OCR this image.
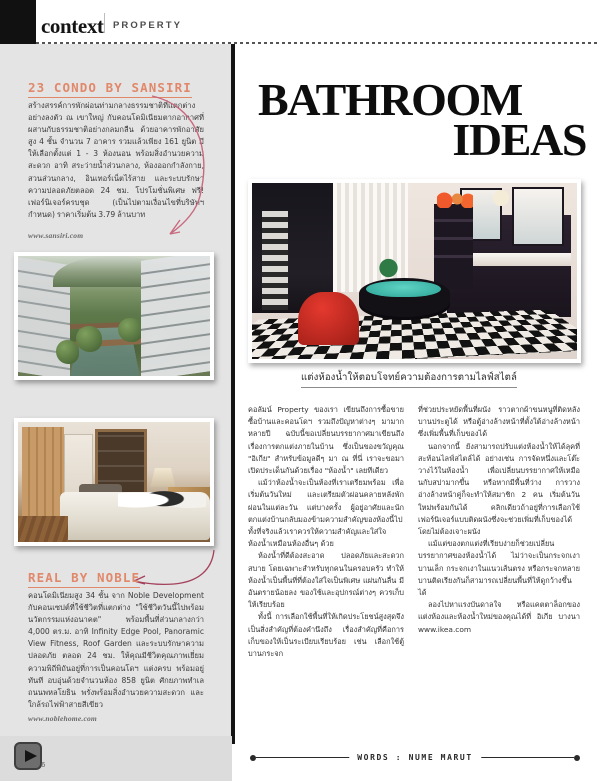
context PROPERTY
23 CONDO BY SANSIRI
สร้างสรรค์การพักผ่อนท่ามกลางธรรมชาติที่แตกต่างอย่างลงตัว ณ เขาใหญ่ กับคอนโดมิเนียมตากอากาศที่ผสานกับธรรมชาติอย่างกลมกลืน ด้วยอาคารพักอาศัยสูง 4 ชั้น จำนวน 7 อาคาร รวมแล้วเพียง 161 ยูนิต มีให้เลือกตั้งแต่ 1 - 3 ห้องนอน พร้อมสิ่งอำนวยความสะดวก อาทิ สระว่ายน้ำส่วนกลาง, ห้องออกกำลังกาย, สวนส่วนกลาง, อินเทอร์เน็ตไร้สาย และระบบรักษาความปลอดภัยตลอด 24 ชม. โปรโมชั่นพิเศษ ฟรี! เฟอร์นิเจอร์ครบชุด (เป็นไปตามเงื่อนไขที่บริษัทฯ กำหนด) ราคาเริ่มต้น 3.79 ล้านบาท
www.sansiri.com
REAL BY NOBLE
คอนโดมิเนียมสูง 34 ชั้น จาก Noble Development กับคอนเซปต์ที่ใช้ชีวิตที่แตกต่าง "ใช้ชีวิตวันนี้ไปพร้อมนวัตกรรมแห่งอนาคต" พร้อมพื้นที่ส่วนกลางกว่า 4,000 ตร.ม. อาทิ Infinity Edge Pool, Panoramic View Fitness, Roof Garden และระบบรักษาความปลอดภัย ตลอด 24 ชม. ให้คุณมีชีวิตคุณภาพเยี่ยมความพิถีพิถันอยู่ที่การเป็นคอนโดฯ แต่งครบ พร้อมอยู่ทันที อบอุ่นด้วยจำนวนห้อง 858 ยูนิต ศักยภาพทำเล ถนนพหลโยธิน พรั่งพร้อมสิ่งอำนวยความสะดวก และใกล้รถไฟฟ้าสายสีเขียว
www.noblehome.com
BATHROOM
IDEAS
แต่งห้องน้ำให้ตอบโจทย์ความต้องการตามไลฟ์สไตล์

คอลัมน์ Property ของเรา เขียนถึงการซื้อขาย ซื้อบ้านและคอนโดฯ รวมถึงปัญหาต่างๆ มามากหลายปี ฉบับนี้ขอเปลี่ยนบรรยากาศมาเขียนถึงเรื่องการตกแต่งภายในบ้าน ซึ่งเป็นของขวัญคุณ "อิเกีย" สำหรับข้อมูลดีๆ มา ณ ที่นี่ เราจะขอมาเปิดประเด็นกันด้วยเรื่อง "ห้องน้ำ" เลยทีเดียว

แม้ว่าห้องน้ำจะเป็นห้องที่เราเตรียมพร้อม เพื่อเริ่มต้นวันใหม่ และเตรียมตัวผ่อนคลายหลังพักผ่อนในแต่ละวัน แต่บางครั้ง ผู้อยู่อาศัยและนักตกแต่งบ้านกลับมองข้ามความสำคัญของห้องนี้ไป ทั้งที่จริงแล้วเราควรให้ความสำคัญและใส่ใจห้องน้ำเหมือนห้องอื่นๆ ด้วย

ห้องน้ำที่ดีต้องสะอาด ปลอดภัยและสะดวกสบาย โดยเฉพาะสำหรับทุกคนในครอบครัว ทำให้ห้องน้ำเป็นพื้นที่ที่ต้องใส่ใจเป็นพิเศษ แผ่นกันลื่น มีอันตรายน้อยลง ของใช้และอุปกรณ์ต่างๆ ควรเก็บให้เรียบร้อย

ทั้งนี้ การเลือกใช้พื้นที่ให้เกิดประโยชน์สูงสุดจึงเป็นสิ่งสำคัญที่ต้องคำนึงถึง เรื่องสำคัญที่คือการเก็บของให้เป็นระเบียบเรียบร้อย เช่น เลือกใช้ตู้บานกระจก

ที่ช่วยประหยัดพื้นที่ผนัง ราวตากผ้าขนหนูที่ติดหลังบานประตูได้ หรือตู้อ่างล้างหน้าที่ตั้งใต้อ่างล้างหน้าซึ่งเพิ่มพื้นที่เก็บของได้

นอกจากนี้ ยังสามารถปรับแต่งห้องน้ำให้ได้ลุคที่สะท้อนไลฟ์สไตล์ได้ อย่างเช่น การจัดหนึ่งและโต๊ะวางไว้ในห้องน้ำ เพื่อเปลี่ยนบรรยากาศให้เหมือนกับสปามากขึ้น หรือหากมีพื้นที่ว่าง การวางอ่างล้างหน้าคู่ก็จะทำให้สมาชิก 2 คน เริ่มต้นวันใหม่พร้อมกันได้ คลิกเดียวถ้าอยู่ที่การเลือกใช้เฟอร์นิเจอร์แบบติดผนังซึ่งจะช่วยเพิ่มที่เก็บของได้โดยไม่ต้องเจาะผนัง

แม้แต่ของตกแต่งที่เรียบง่ายก็ช่วยเปลี่ยนบรรยากาศของห้องน้ำได้ ไม่ว่าจะเป็นกระจกเงาบานเล็ก กระจกเงาในแนวเส้นตรง หรือกระจกหลายบานติดเรียงกันก็สามารถเปลี่ยนพื้นที่ให้ดูกว้างขึ้นได้

ลองไปหาแรงบันดาลใจ หรือแคตตาล็อกของแต่งห้องและห้องน้ำใหม่ของคุณได้ที่ อิเกีย บางนา www.ikea.com

WORDS : NUME MARUT
6
